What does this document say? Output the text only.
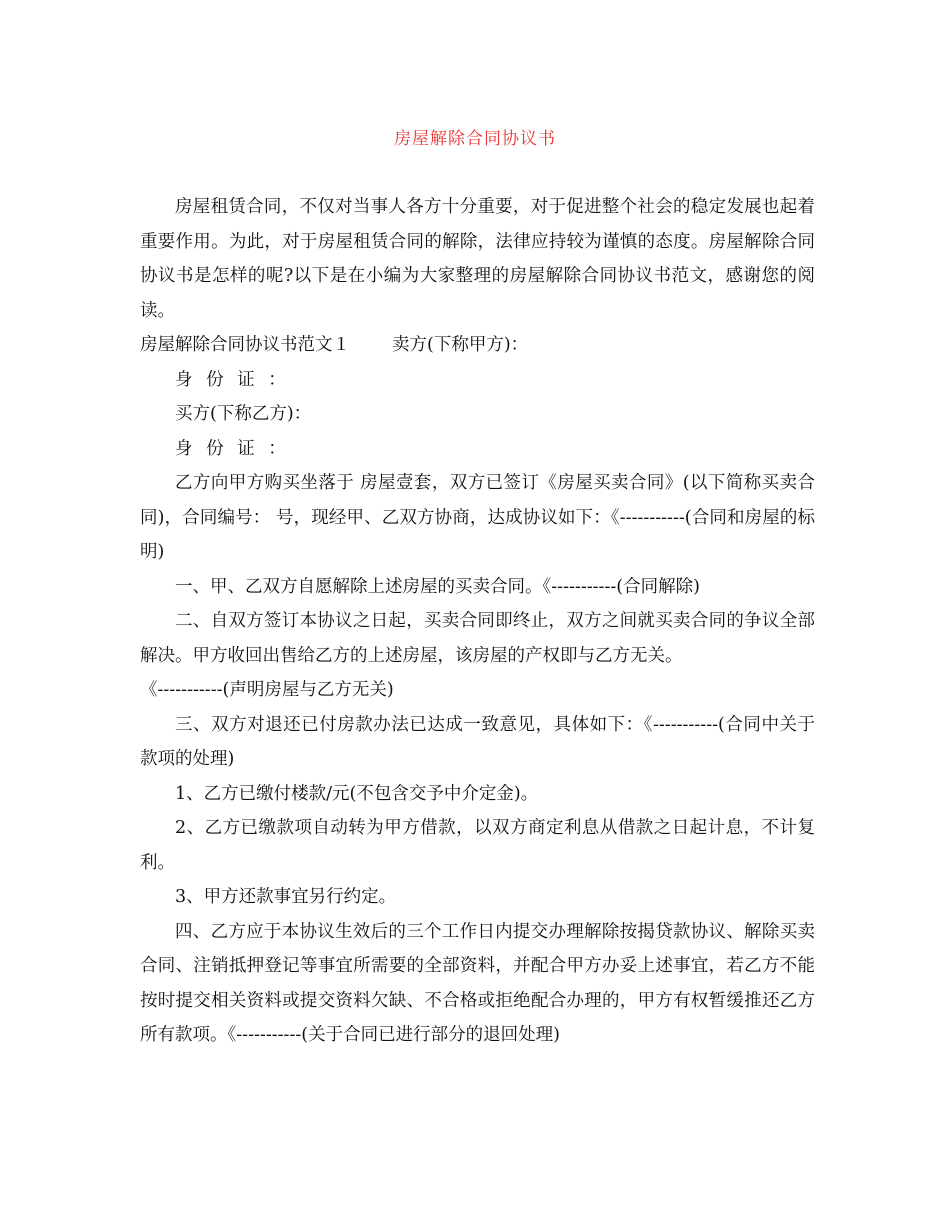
房屋解除合同协议书

房屋租赁合同，不仅对当事人各方十分重要，对于促进整个社会的稳定发展也起着重要作用。为此，对于房屋租赁合同的解除，法律应持较为谨慎的态度。房屋解除合同协议书是怎样的呢?以下是在小编为大家整理的房屋解除合同协议书范文，感谢您的阅读。

房屋解除合同协议书范文１ 卖方(下称甲方)：

身 份 证 ：

买方(下称乙方)：

身 份 证 ：

乙方向甲方购买坐落于 房屋壹套，双方已签订《房屋买卖合同》(以下简称买卖合同)，合同编号： 号，现经甲、乙双方协商，达成协议如下：《-----------(合同和房屋的标明)

一、甲、乙双方自愿解除上述房屋的买卖合同。《-----------(合同解除)

二、自双方签订本协议之日起，买卖合同即终止，双方之间就买卖合同的争议全部解决。甲方收回出售给乙方的上述房屋，该房屋的产权即与乙方无关。

《-----------(声明房屋与乙方无关)

三、双方对退还已付房款办法已达成一致意见，具体如下：《-----------(合同中关于款项的处理)

1、乙方已缴付楼款/元(不包含交予中介定金)。

2、乙方已缴款项自动转为甲方借款，以双方商定利息从借款之日起计息，不计复利。

3、甲方还款事宜另行约定。

四、乙方应于本协议生效后的三个工作日内提交办理解除按揭贷款协议、解除买卖合同、注销抵押登记等事宜所需要的全部资料，并配合甲方办妥上述事宜，若乙方不能按时提交相关资料或提交资料欠缺、不合格或拒绝配合办理的，甲方有权暂缓推还乙方所有款项。《-----------(关于合同已进行部分的退回处理)
